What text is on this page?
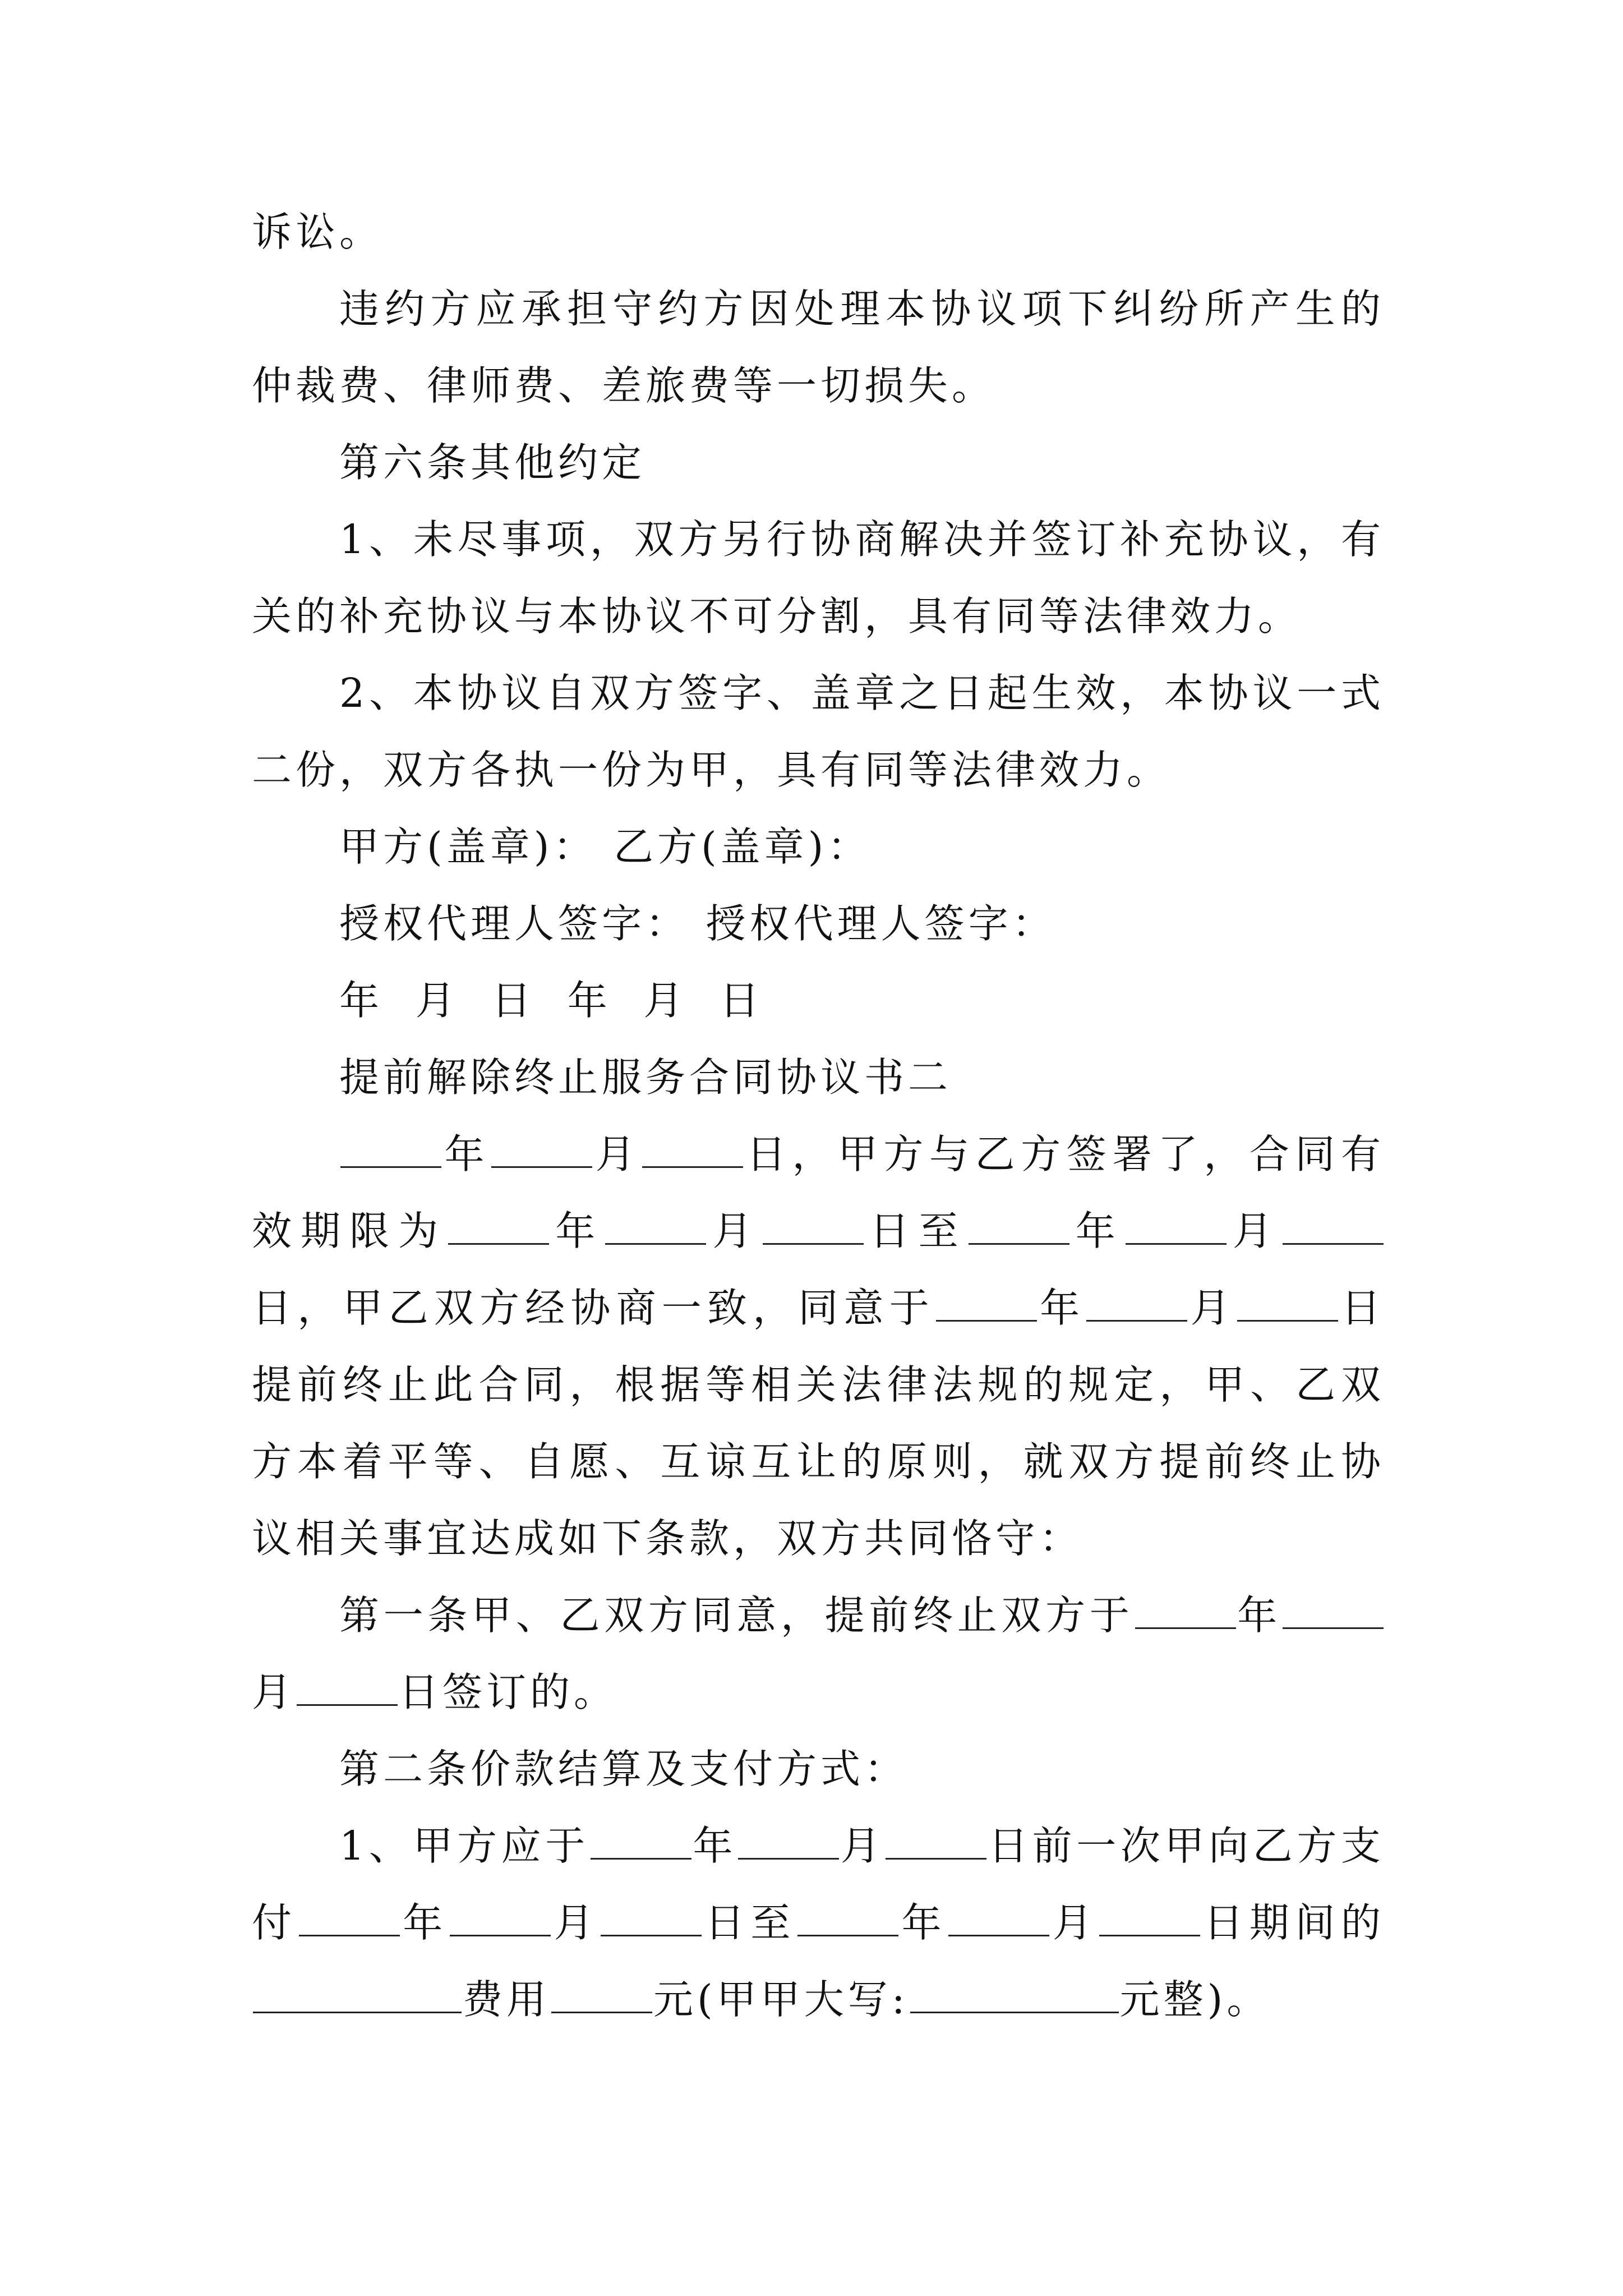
诉讼。

违约方应承担守约方因处理本协议项下纠纷所产生的仲裁费、律师费、差旅费等一切损失。

第六条其他约定

1、未尽事项，双方另行协商解决并签订补充协议，有关的补充协议与本协议不可分割，具有同等法律效力。

2、本协议自双方签字、盖章之日起生效，本协议一式二份，双方各执一份为甲，具有同等法律效力。

甲方(盖章)： 乙方(盖章)：

授权代理人签字： 授权代理人签字：

年 月 日 年 月 日

提前解除终止服务合同协议书二

年	月	日，甲方与乙方签署了，合同有效期限为	年	月	日至	年	月日，甲乙双方经协商一致，同意于	年	月	日提前终止此合同，根据等相关法律法规的规定，甲、乙双方本着平等、自愿、互谅互让的原则，就双方提前终止协议相关事宜达成如下条款，双方共同恪守：

第一条甲、乙双方同意，提前终止双方于	年月	日签订的。

第二条价款结算及支付方式：

1、甲方应于	年	月	日前一次甲向乙方支付	年	月	日至	年	月	日期间的费用	元(甲甲大写:	元整)。
